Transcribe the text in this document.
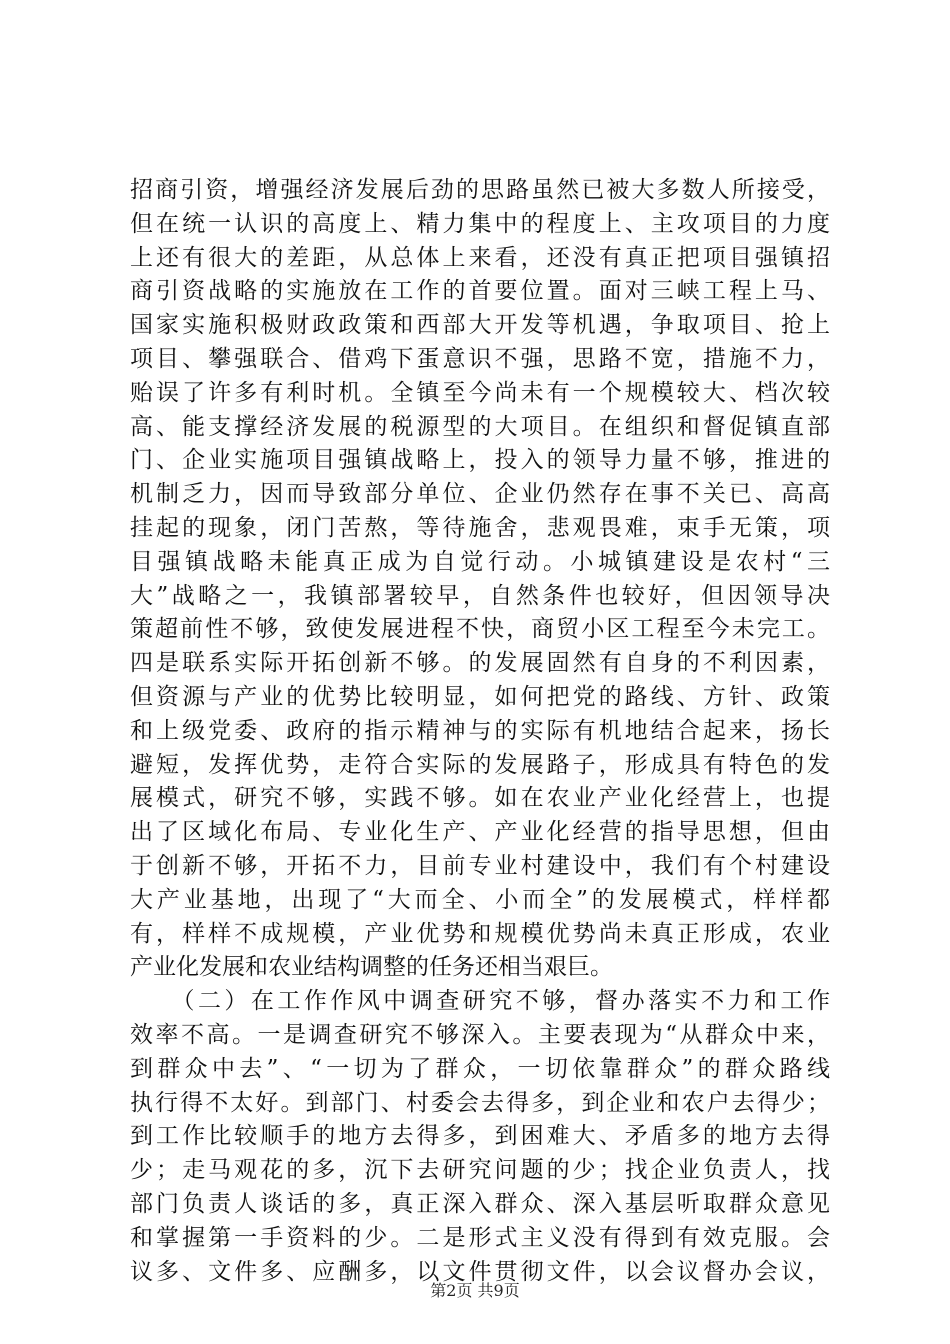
招商引资，增强经济发展后劲的思路虽然已被大多数人所接受，
但在统一认识的高度上、精力集中的程度上、主攻项目的力度
上还有很大的差距，从总体上来看，还没有真正把项目强镇招
商引资战略的实施放在工作的首要位置。面对三峡工程上马、
国家实施积极财政政策和西部大开发等机遇，争取项目、抢上
项目、攀强联合、借鸡下蛋意识不强，思路不宽，措施不力，
贻误了许多有利时机。全镇至今尚未有一个规模较大、档次较
高、能支撑经济发展的税源型的大项目。在组织和督促镇直部
门、企业实施项目强镇战略上，投入的领导力量不够，推进的
机制乏力，因而导致部分单位、企业仍然存在事不关已、高高
挂起的现象，闭门苦熬，等待施舍，悲观畏难，束手无策，项
目强镇战略未能真正成为自觉行动。小城镇建设是农村“三
大”战略之一，我镇部署较早，自然条件也较好，但因领导决
策超前性不够，致使发展进程不快，商贸小区工程至今未完工。
四是联系实际开拓创新不够。的发展固然有自身的不利因素，
但资源与产业的优势比较明显，如何把党的路线、方针、政策
和上级党委、政府的指示精神与的实际有机地结合起来，扬长
避短，发挥优势，走符合实际的发展路子，形成具有特色的发
展模式，研究不够，实践不够。如在农业产业化经营上，也提
出了区域化布局、专业化生产、产业化经营的指导思想，但由
于创新不够，开拓不力，目前专业村建设中，我们有个村建设
大产业基地，出现了“大而全、小而全”的发展模式，样样都
有，样样不成规模，产业优势和规模优势尚未真正形成，农业
产业化发展和农业结构调整的任务还相当艰巨。
　　（二）在工作作风中调查研究不够，督办落实不力和工作
效率不高。一是调查研究不够深入。主要表现为“从群众中来，
到群众中去”、“一切为了群众，一切依靠群众”的群众路线
执行得不太好。到部门、村委会去得多，到企业和农户去得少；
到工作比较顺手的地方去得多，到困难大、矛盾多的地方去得
少；走马观花的多，沉下去研究问题的少；找企业负责人，找
部门负责人谈话的多，真正深入群众、深入基层听取群众意见
和掌握第一手资料的少。二是形式主义没有得到有效克服。会
议多、文件多、应酬多，以文件贯彻文件，以会议督办会议，
第2页 共9页
